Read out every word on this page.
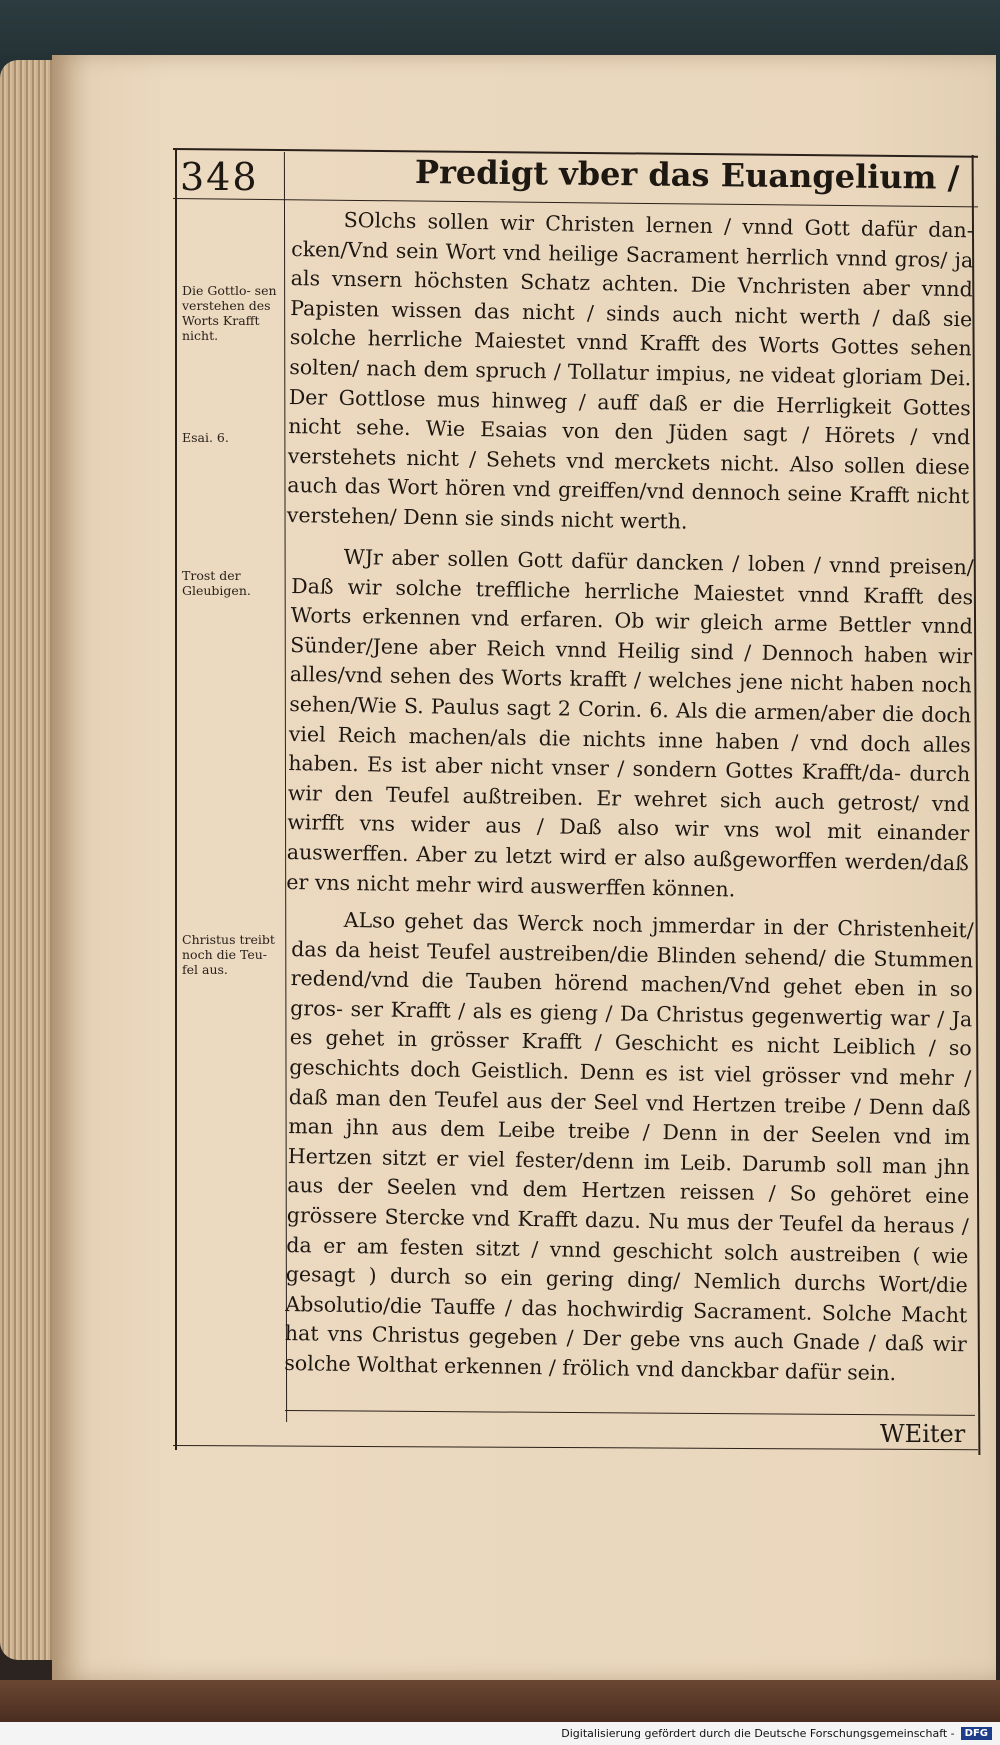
348	Predigt vber das Euangelium /
Die Gottlo- sen verstehen des Worts Krafft nicht.
Esai. 6.
Trost der Gleubigen.
Christus treibt noch die Teu- fel aus.
SOlchs sollen wir Christen lernen / vnnd Gott dafür dan- cken/Vnd sein Wort vnd heilige Sacrament herrlich vnnd gros/ ja als vnsern höchsten Schatz achten. Die Vnchristen aber vnnd Papisten wissen das nicht / sinds auch nicht werth / daß sie solche herrliche Maiestet vnnd Krafft des Worts Gottes sehen solten/ nach dem spruch / Tollatur impius, ne videat gloriam Dei. Der Gottlose mus hinweg / auff daß er die Herrligkeit Gottes nicht sehe. Wie Esaias von den Jüden sagt / Hörets / vnd verstehets nicht / Sehets vnd merckets nicht. Also sollen diese auch das Wort hören vnd greiffen/vnd dennoch seine Krafft nicht verstehen/ Denn sie sinds nicht werth.
WJr aber sollen Gott dafür dancken / loben / vnnd preisen/ Daß wir solche treffliche herrliche Maiestet vnnd Krafft des Worts erkennen vnd erfaren. Ob wir gleich arme Bettler vnnd Sünder/Jene aber Reich vnnd Heilig sind / Dennoch haben wir alles/vnd sehen des Worts krafft / welches jene nicht haben noch sehen/Wie S. Paulus sagt 2 Corin. 6. Als die armen/aber die doch viel Reich machen/als die nichts inne haben / vnd doch alles haben. Es ist aber nicht vnser / sondern Gottes Krafft/da- durch wir den Teufel außtreiben. Er wehret sich auch getrost/ vnd wirfft vns wider aus / Daß also wir vns wol mit einander auswerffen. Aber zu letzt wird er also außgeworffen werden/daß er vns nicht mehr wird auswerffen können.
ALso gehet das Werck noch jmmerdar in der Christenheit/ das da heist Teufel austreiben/die Blinden sehend/ die Stummen redend/vnd die Tauben hörend machen/Vnd gehet eben in so gros- ser Krafft / als es gieng / Da Christus gegenwertig war / Ja es gehet in grösser Krafft / Geschicht es nicht Leiblich / so geschichts doch Geistlich. Denn es ist viel grösser vnd mehr / daß man den Teufel aus der Seel vnd Hertzen treibe / Denn daß man jhn aus dem Leibe treibe / Denn in der Seelen vnd im Hertzen sitzt er viel fester/denn im Leib. Darumb soll man jhn aus der Seelen vnd dem Hertzen reissen / So gehöret eine grössere Stercke vnd Krafft dazu. Nu mus der Teufel da heraus / da er am festen sitzt / vnnd geschicht solch austreiben ( wie gesagt ) durch so ein gering ding/ Nemlich durchs Wort/die Absolutio/die Tauffe / das hochwirdig Sacrament. Solche Macht hat vns Christus gegeben / Der gebe vns auch Gnade / daß wir solche Wolthat erkennen / frölich vnd danckbar dafür sein.
WEiter
Digitalisierung gefördert durch die Deutsche Forschungsgemeinschaft -	DFG
